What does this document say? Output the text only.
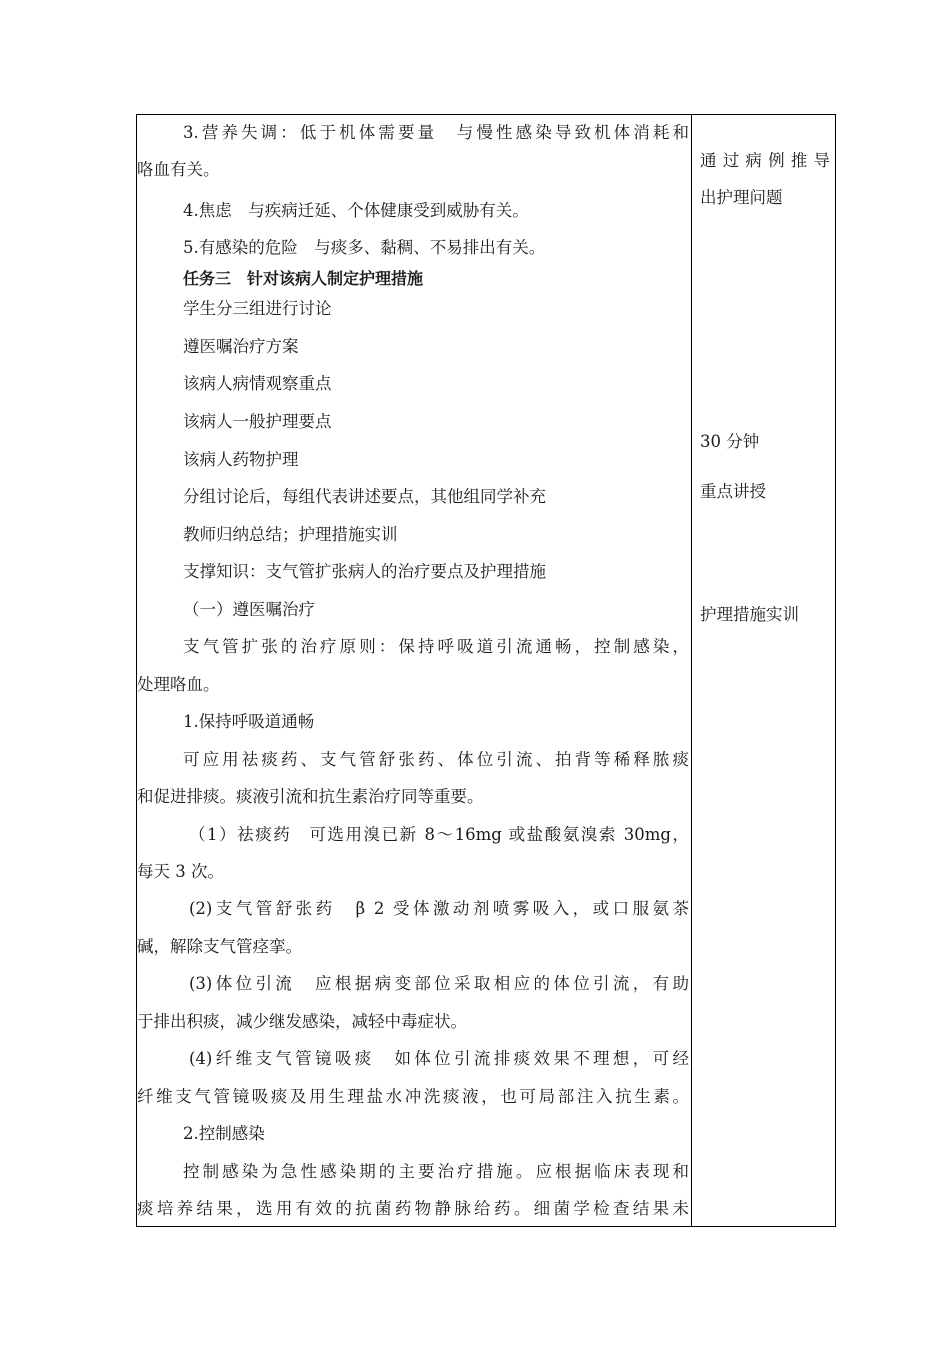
3.营养失调：低于机体需要量　与慢性感染导致机体消耗和
咯血有关。
4.焦虑　与疾病迁延、个体健康受到威胁有关。
5.有感染的危险　与痰多、黏稠、不易排出有关。
任务三　针对该病人制定护理措施
学生分三组进行讨论
遵医嘱治疗方案
该病人病情观察重点
该病人一般护理要点
该病人药物护理
分组讨论后，每组代表讲述要点，其他组同学补充
教师归纳总结；护理措施实训
支撑知识：支气管扩张病人的治疗要点及护理措施
（一）遵医嘱治疗
支气管扩张的治疗原则：保持呼吸道引流通畅，控制感染，
处理咯血。
1.保持呼吸道通畅
可应用祛痰药、支气管舒张药、体位引流、拍背等稀释脓痰
和促进排痰。痰液引流和抗生素治疗同等重要。
（1）祛痰药　可选用溴已新 8～16mg 或盐酸氨溴索 30mg，
每天 3 次。
(2)支气管舒张药　β 2 受体激动剂喷雾吸入，或口服氨茶
碱，解除支气管痉挛。
(3)体位引流　应根据病变部位采取相应的体位引流，有助
于排出积痰，减少继发感染，减轻中毒症状。
(4)纤维支气管镜吸痰　如体位引流排痰效果不理想，可经
纤维支气管镜吸痰及用生理盐水冲洗痰液，也可局部注入抗生素。
2.控制感染
控制感染为急性感染期的主要治疗措施。应根据临床表现和
痰培养结果，选用有效的抗菌药物静脉给药。细菌学检查结果未
通过病例推导
出护理问题
30 分钟
重点讲授
护理措施实训
